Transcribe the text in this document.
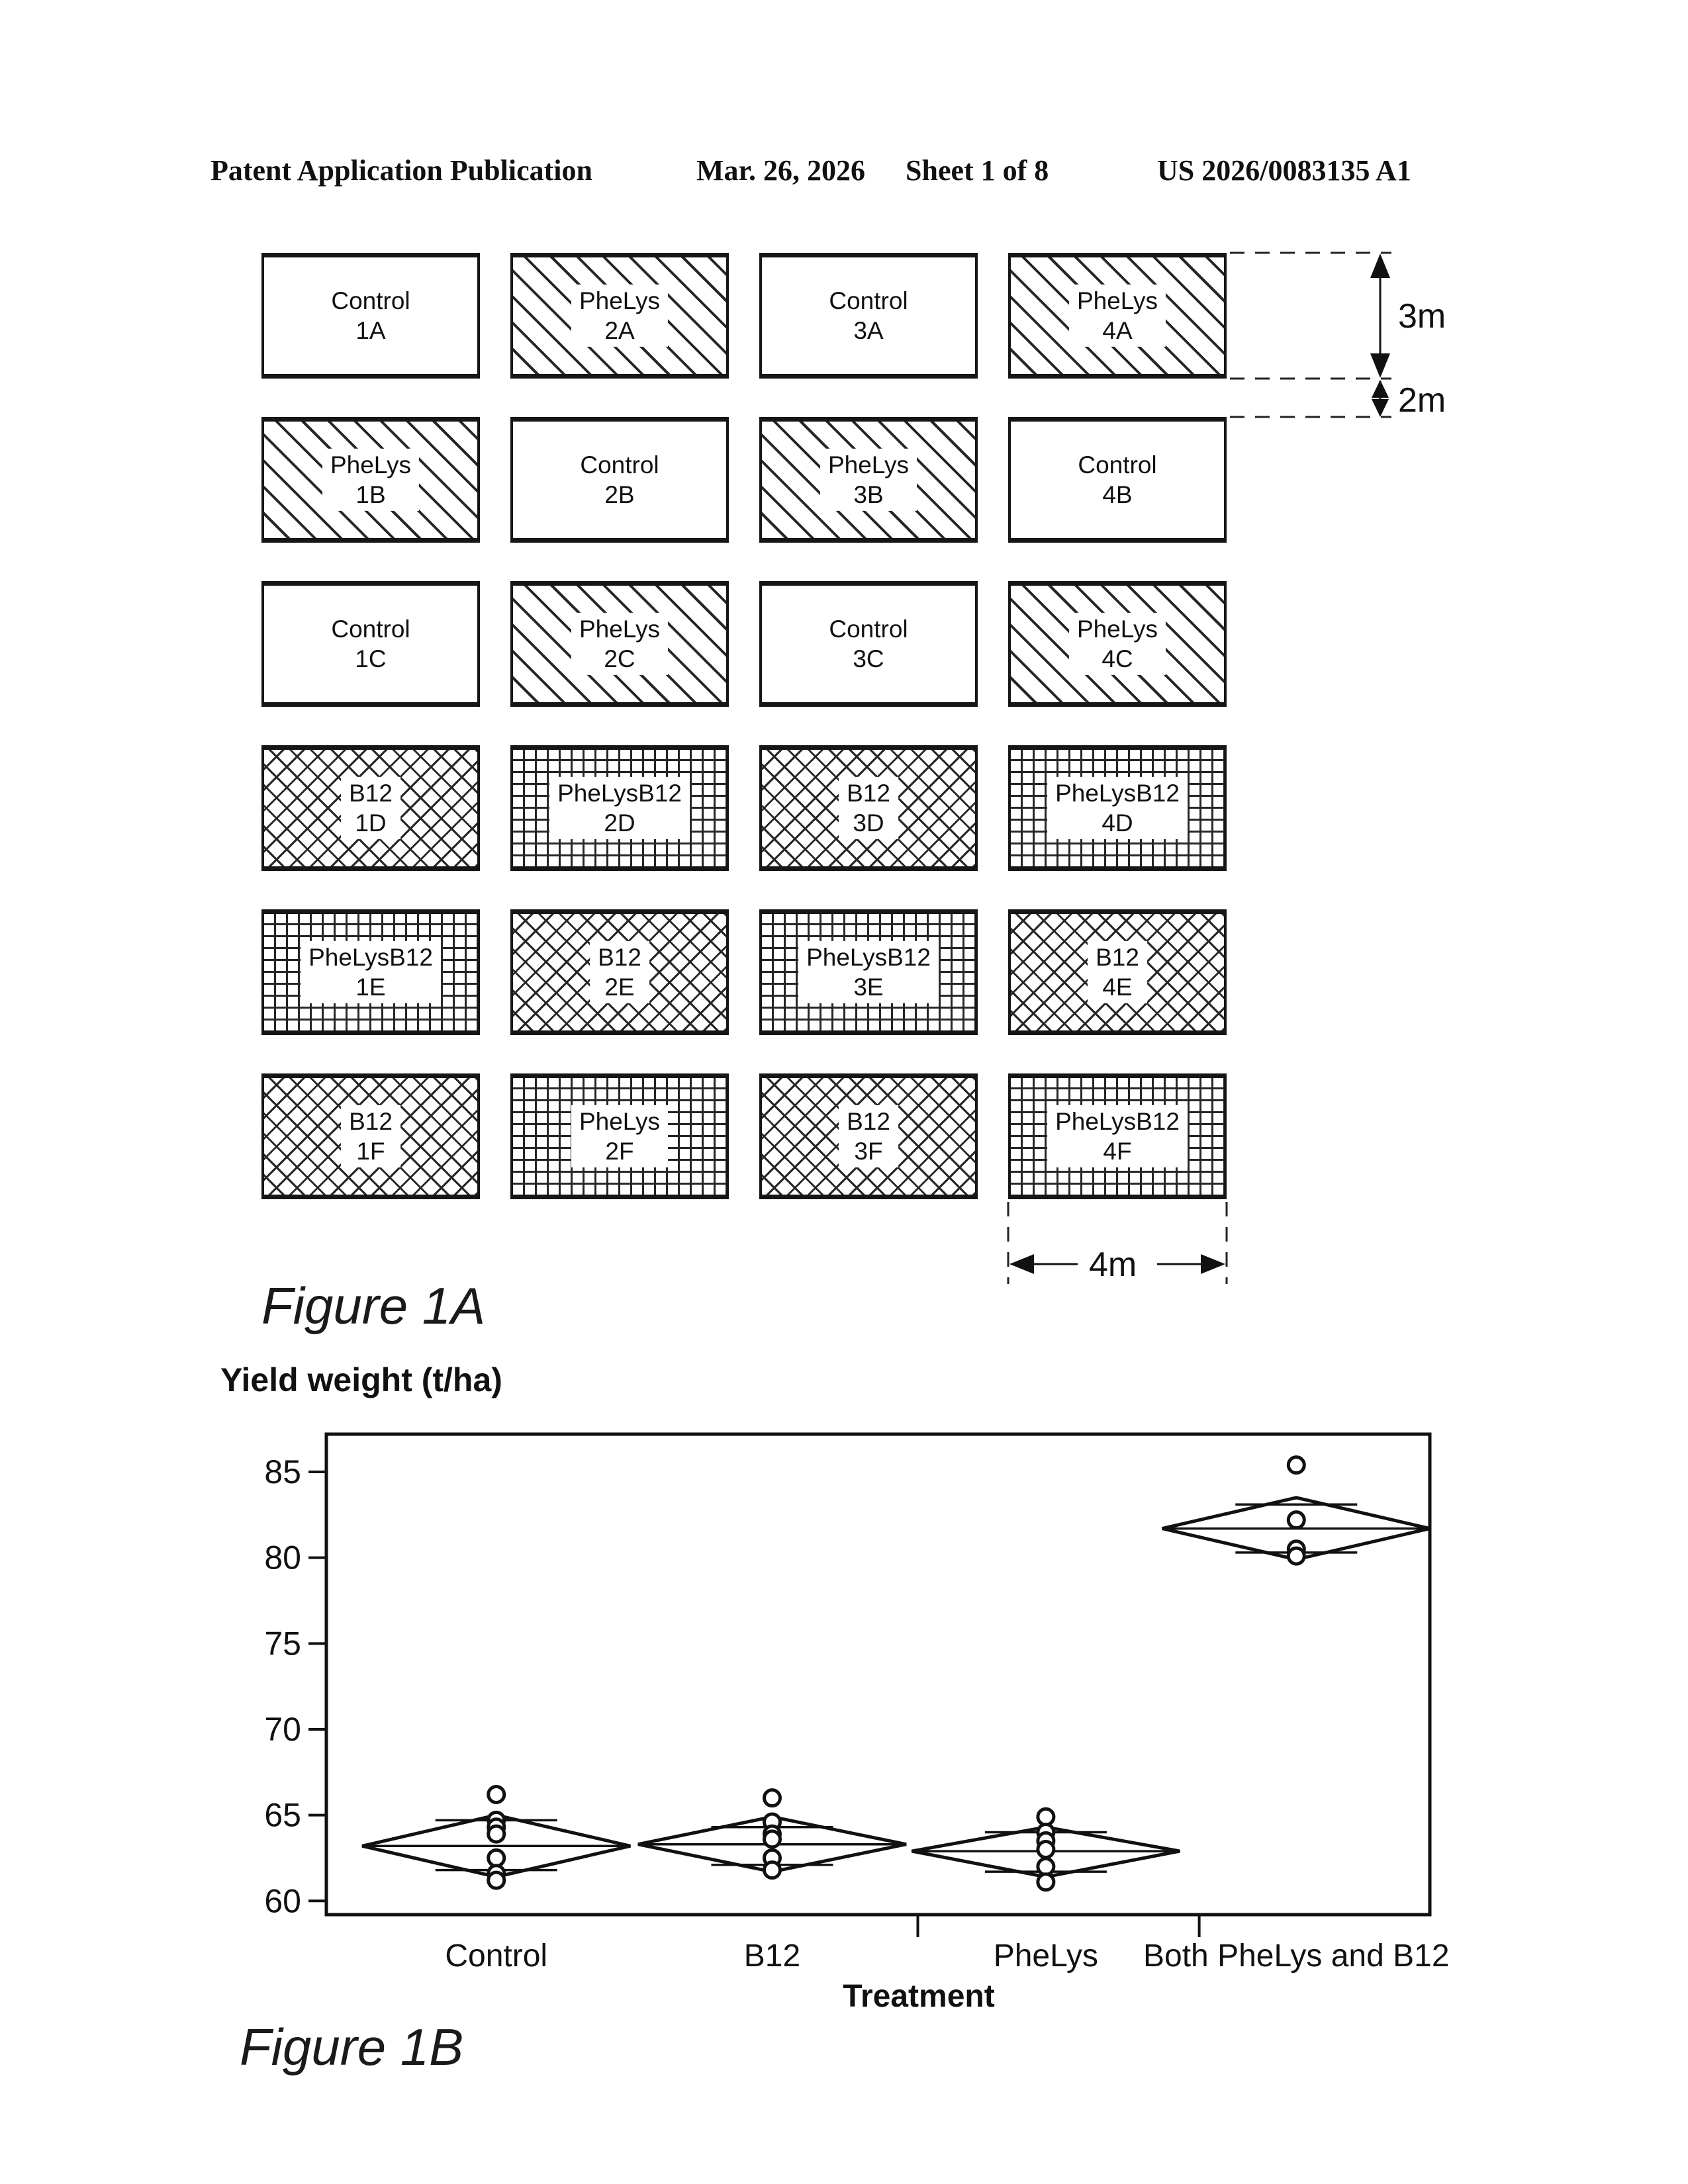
Patent Application Publication	Mar. 26, 2026 Sheet 1 of 8	US 2026/0083135 A1
Control
1A
PheLys
2A
Control
3A
PheLys
4A
PheLys
1B
Control
2B
PheLys
3B
Control
4B
Control
1C
PheLys
2C
Control
3C
PheLys
4C
B12
1D
PheLysB12
2D
B12
3D
PheLysB12
4D
PheLysB12
1E
B12
2E
PheLysB12
3E
B12
4E
B12
1F
PheLys
2F
B12
3F
PheLysB12
4F
Figure 1A
Yield weight (t/ha)
Figure 1B
3m
2m
4m
60
65
70
75
80
85
Control	B12	PheLys Both PheLys and B12
Treatment
